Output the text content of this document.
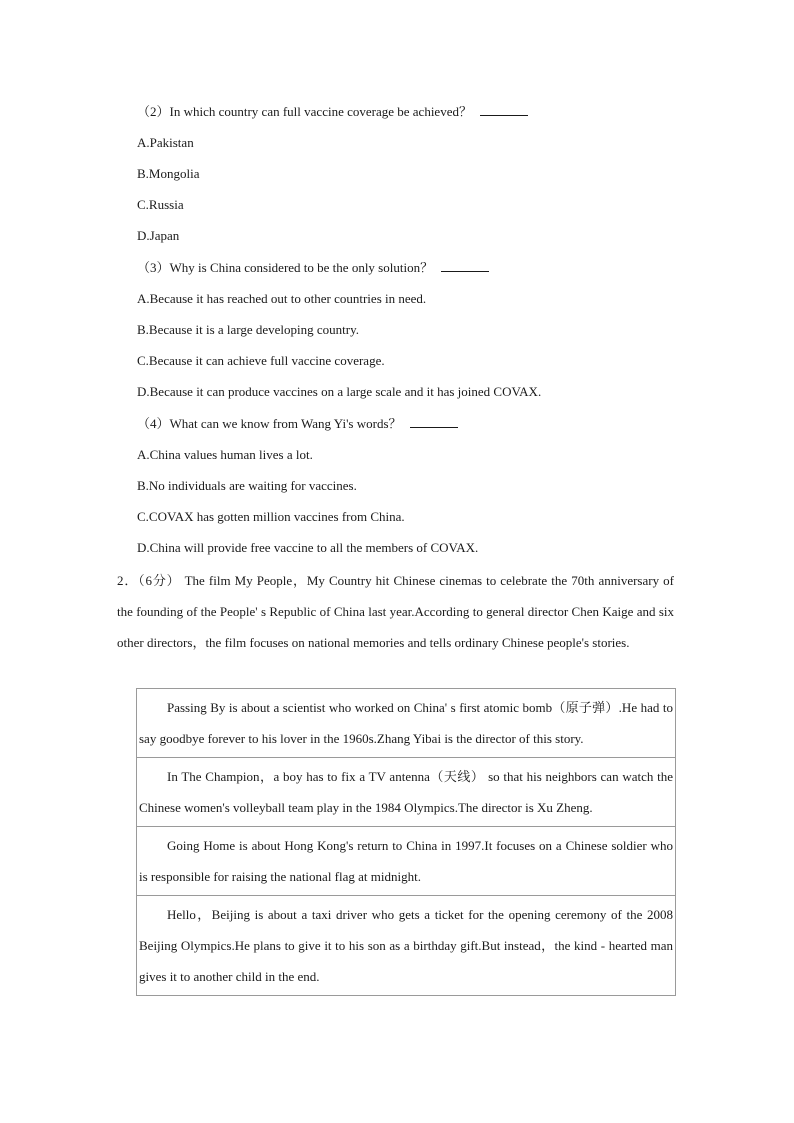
（2）In which country can full vaccine coverage be achieved？
A.Pakistan
B.Mongolia
C.Russia
D.Japan
（3）Why is China considered to be the only solution？
A.Because it has reached out to other countries in need.
B.Because it is a large developing country.
C.Because it can achieve full vaccine coverage.
D.Because it can produce vaccines on a large scale and it has joined COVAX.
（4）What can we know from Wang Yi's words？
A.China values human lives a lot.
B.No individuals are waiting for vaccines.
C.COVAX has gotten million vaccines from China.
D.China will provide free vaccine to all the members of COVAX.
2．（6分） The film My People，My Country hit Chinese cinemas to celebrate the 70th anniversary of the founding of the People' s Republic of China last year.According to general director Chen Kaige and six other directors，the film focuses on national memories and tells ordinary Chinese people's stories.
Passing By is about a scientist who worked on China' s first atomic bomb（原子弹）.He had to say goodbye forever to his lover in the 1960s.Zhang Yibai is the director of this story.
In The Champion，a boy has to fix a TV antenna（天线） so that his neighbors can watch the Chinese women's volleyball team play in the 1984 Olympics.The director is Xu Zheng.
Going Home is about Hong Kong's return to China in 1997.It focuses on a Chinese soldier who is responsible for raising the national flag at midnight.
Hello，Beijing is about a taxi driver who gets a ticket for the opening ceremony of the 2008 Beijing Olympics.He plans to give it to his son as a birthday gift.But instead，the kind - hearted man gives it to another child in the end.
